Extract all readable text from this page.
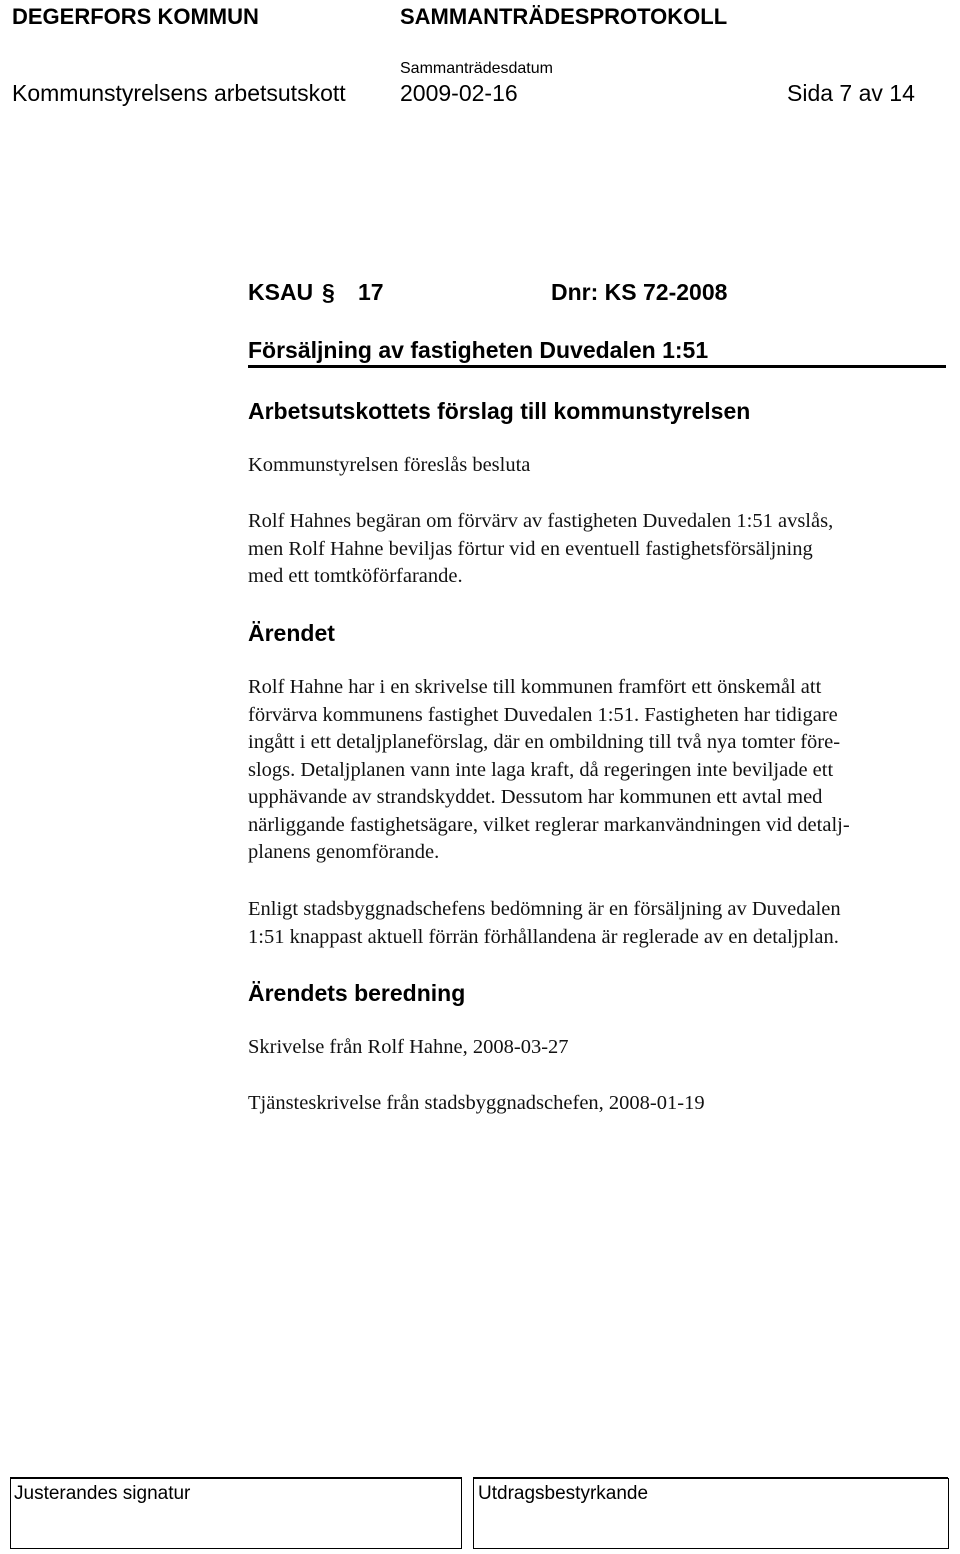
DEGERFORS KOMMUN	SAMMANTRÄDESPROTOKOLL
Sammanträdesdatum
Kommunstyrelsens arbetsutskott 2009-02-16	Sida 7 av 14
KSAU § 17	Dnr: KS 72-2008
Försäljning av fastigheten Duvedalen 1:51
Arbetsutskottets förslag till kommunstyrelsen
Kommunstyrelsen föreslås besluta
Rolf Hahnes begäran om förvärv av fastigheten Duvedalen 1:51 avslås,
men Rolf Hahne beviljas förtur vid en eventuell fastighetsförsäljning
med ett tomtköförfarande.
Ärendet
Rolf Hahne har i en skrivelse till kommunen framfört ett önskemål att
förvärva kommunens fastighet Duvedalen 1:51. Fastigheten har tidigare
ingått i ett detaljplaneförslag, där en ombildning till två nya tomter före-
slogs. Detaljplanen vann inte laga kraft, då regeringen inte beviljade ett
upphävande av strandskyddet. Dessutom har kommunen ett avtal med
närliggande fastighetsägare, vilket reglerar markanvändningen vid detalj-
planens genomförande.
Enligt stadsbyggnadschefens bedömning är en försäljning av Duvedalen
1:51 knappast aktuell förrän förhållandena är reglerade av en detaljplan.
Ärendets beredning
Skrivelse från Rolf Hahne, 2008-03-27
Tjänsteskrivelse från stadsbyggnadschefen, 2008-01-19
Justerandes signatur	Utdragsbestyrkande
